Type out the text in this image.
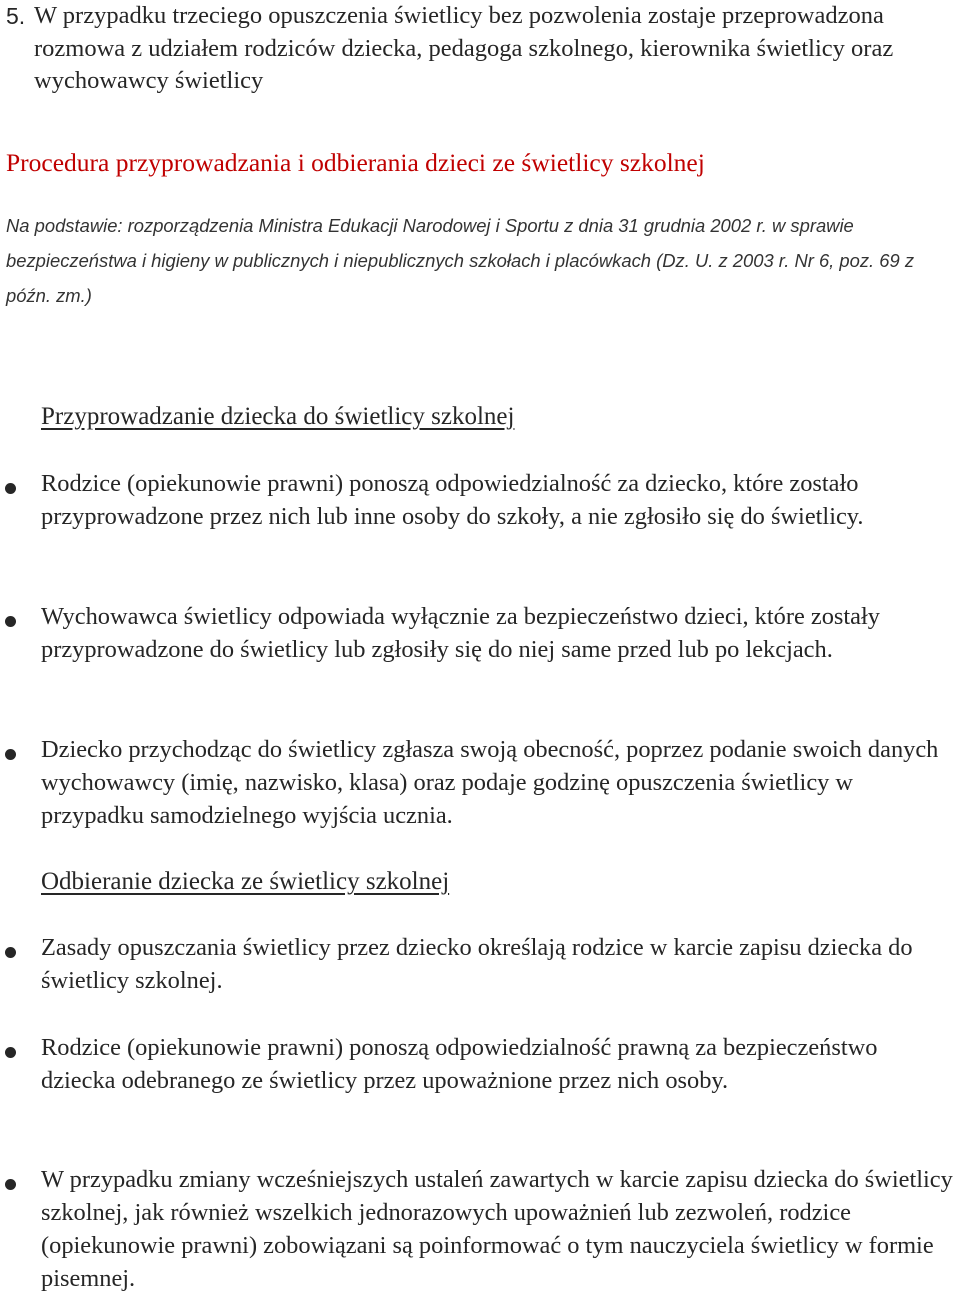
5. W przypadku trzeciego opuszczenia świetlicy bez pozwolenia zostaje przeprowadzona rozmowa z udziałem rodziców dziecka, pedagoga szkolnego, kierownika świetlicy oraz wychowawcy świetlicy
Procedura przyprowadzania i odbierania dzieci ze świetlicy szkolnej
Na podstawie: rozporządzenia Ministra Edukacji Narodowej i Sportu z dnia 31 grudnia 2002 r. w sprawie bezpieczeństwa i higieny w publicznych i niepublicznych szkołach i placówkach (Dz. U. z 2003 r. Nr 6, poz. 69 z późn. zm.)
Przyprowadzanie dziecka do świetlicy szkolnej
Rodzice (opiekunowie prawni) ponoszą odpowiedzialność za dziecko, które zostało przyprowadzone przez nich lub inne osoby do szkoły, a nie zgłosiło się do świetlicy.
Wychowawca świetlicy odpowiada wyłącznie za bezpieczeństwo dzieci, które zostały przyprowadzone do świetlicy lub zgłosiły się do niej same przed lub po lekcjach.
Dziecko przychodząc do świetlicy zgłasza swoją obecność, poprzez podanie swoich danych wychowawcy (imię, nazwisko, klasa) oraz podaje godzinę opuszczenia świetlicy w przypadku samodzielnego wyjścia ucznia.
Odbieranie dziecka ze świetlicy szkolnej
Zasady opuszczania świetlicy przez dziecko określają rodzice w karcie zapisu dziecka do świetlicy szkolnej.
Rodzice (opiekunowie prawni) ponoszą odpowiedzialność prawną za bezpieczeństwo dziecka odebranego ze świetlicy przez upoważnione przez nich osoby.
W przypadku zmiany wcześniejszych ustaleń zawartych w karcie zapisu dziecka do świetlicy szkolnej, jak również wszelkich jednorazowych upoważnień lub zezwoleń, rodzice (opiekunowie prawni) zobowiązani są poinformować o tym nauczyciela świetlicy w formie pisemnej.
